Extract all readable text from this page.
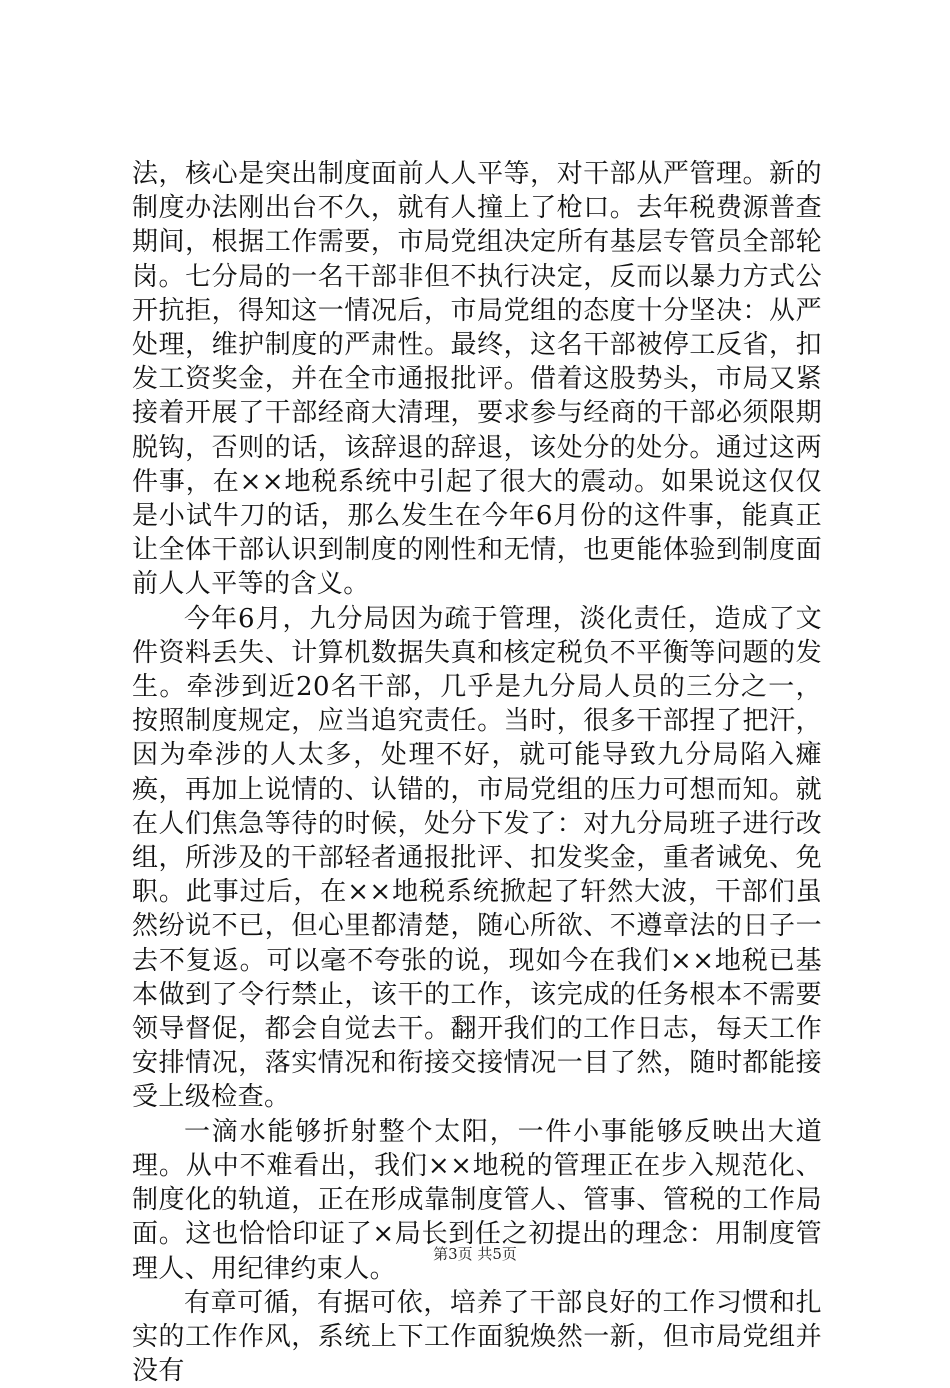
法，核心是突出制度面前人人平等，对干部从严管理。新的制度办法刚出台不久，就有人撞上了枪口。去年税费源普查期间，根据工作需要，市局党组决定所有基层专管员全部轮岗。七分局的一名干部非但不执行决定，反而以暴力方式公开抗拒，得知这一情况后，市局党组的态度十分坚决：从严处理，维护制度的严肃性。最终，这名干部被停工反省，扣发工资奖金，并在全市通报批评。借着这股势头，市局又紧接着开展了干部经商大清理，要求参与经商的干部必须限期脱钩，否则的话，该辞退的辞退，该处分的处分。通过这两件事，在××地税系统中引起了很大的震动。如果说这仅仅是小试牛刀的话，那么发生在今年6月份的这件事，能真正让全体干部认识到制度的刚性和无情，也更能体验到制度面前人人平等的含义。

今年6月，九分局因为疏于管理，淡化责任，造成了文件资料丢失、计算机数据失真和核定税负不平衡等问题的发生。牵涉到近20名干部，几乎是九分局人员的三分之一，按照制度规定，应当追究责任。当时，很多干部捏了把汗，因为牵涉的人太多，处理不好，就可能导致九分局陷入瘫痪，再加上说情的、认错的，市局党组的压力可想而知。就在人们焦急等待的时候，处分下发了：对九分局班子进行改组，所涉及的干部轻者通报批评、扣发奖金，重者诫免、免职。此事过后，在××地税系统掀起了轩然大波，干部们虽然纷说不已，但心里都清楚，随心所欲、不遵章法的日子一去不复返。可以毫不夸张的说，现如今在我们××地税已基本做到了令行禁止，该干的工作，该完成的任务根本不需要领导督促，都会自觉去干。翻开我们的工作日志，每天工作安排情况，落实情况和衔接交接情况一目了然，随时都能接受上级检查。

一滴水能够折射整个太阳，一件小事能够反映出大道理。从中不难看出，我们××地税的管理正在步入规范化、制度化的轨道，正在形成靠制度管人、管事、管税的工作局面。这也恰恰印证了×局长到任之初提出的理念：用制度管理人、用纪律约束人。

有章可循，有据可依，培养了干部良好的工作习惯和扎实的工作作风，系统上下工作面貌焕然一新，但市局党组并没有

第3页 共5页
